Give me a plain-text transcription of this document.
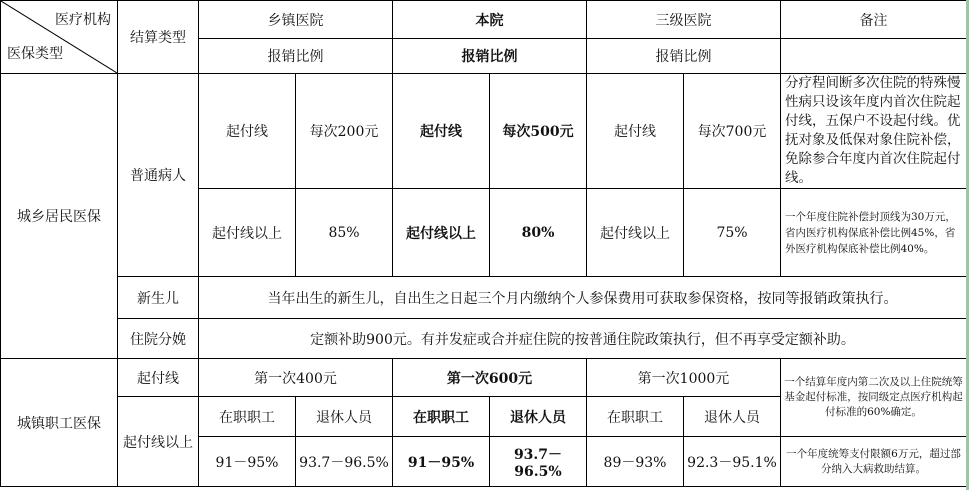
医疗机构
医保类型	结算类型	乡镇医院		本院		三级医院		备注
		报销比例		报销比例		报销比例		
城乡居民医保	普通病人	起付线	每次200元	起付线	每次500元	起付线	每次700元	分疗程间断多次住院的特殊慢性病只设该年度内首次住院起付线，五保户不设起付线。优抚对象及低保对象住院补偿，免除参合年度内首次住院起付线。
		起付线以上	85%	起付线以上	80%	起付线以上	75%	一个年度住院补偿封顶线为30万元，省内医疗机构保底补偿比例45%，省外医疗机构保底补偿比例40%。
	新生儿	当年出生的新生儿，自出生之日起三个月内缴纳个人参保费用可获取参保资格，按同等报销政策执行。						
	住院分娩	定额补助900元。有并发症或合并症住院的按普通住院政策执行，但不再享受定额补助。						
城镇职工医保	起付线	第一次400元		第一次600元		第一次1000元		一个结算年度内第二次及以上住院统筹基金起付标准，按同级定点医疗机构起付标准的60%确定。
	起付线以上	在职职工	退休人员	在职职工	退休人员	在职职工	退休人员	
		91－95%	93.7－96.5%	91－95%	93.7－96.5%	89－93%	92.3－95.1%	一个年度统筹支付限额6万元，超过部分纳入大病救助结算。
